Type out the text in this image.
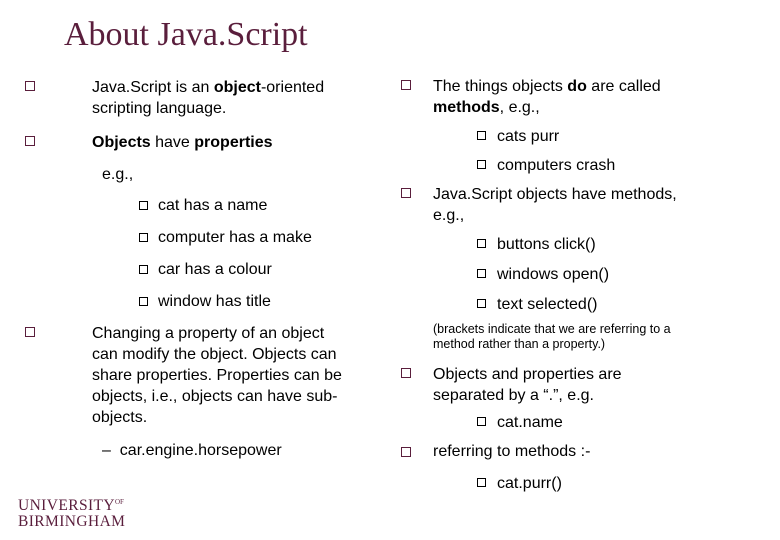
About Java.Script
Java.Script is an object-oriented
scripting language.
Objects have properties
e.g.,
cat has a name
computer has a make
car has a colour
window has title
Changing a property of an object
can modify the object. Objects can
share properties. Properties can be
objects, i.e., objects can have sub-
objects.
– car.engine.horsepower
The things objects do are called
methods, e.g.,
cats purr
computers crash
Java.Script objects have methods,
e.g.,
buttons click()
windows open()
text selected()
(brackets indicate that we are referring to a
method rather than a property.)
Objects and properties are
separated by a “.”, e.g.
cat.name
referring to methods :-
cat.purr()
$UNIVERSITY^{OF}$
BIRMINGHAM
